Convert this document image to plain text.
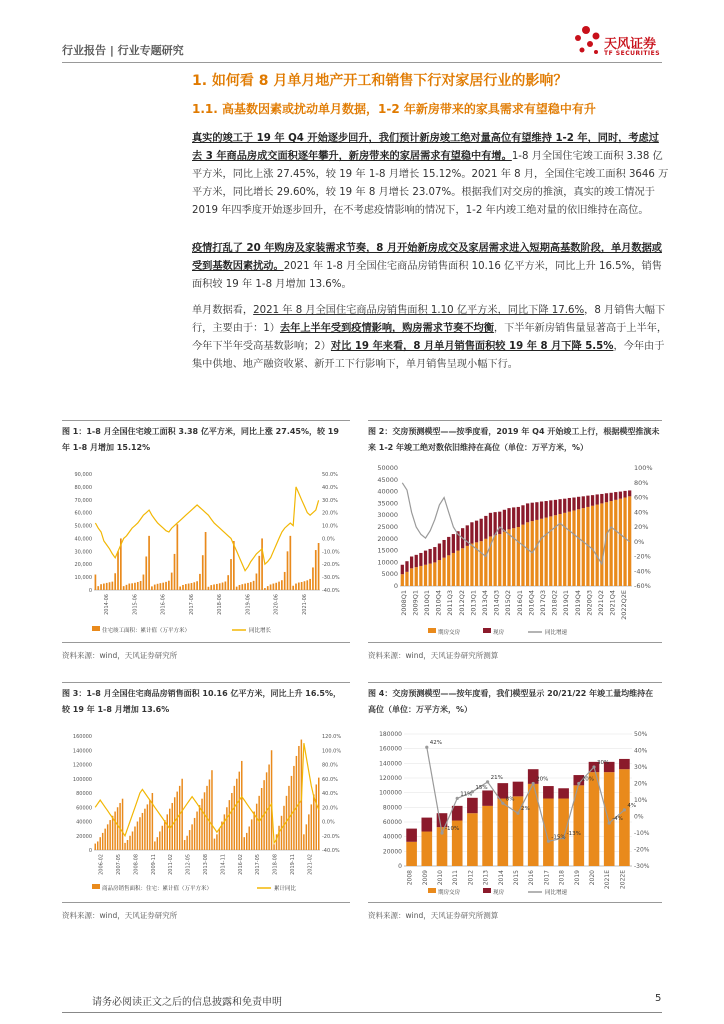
行业报告 | 行业专题研究	天风证券
TF SECURITIES
1. 如何看 8 月单月地产开工和销售下行对家居行业的影响？
1.1. 高基数因素或扰动单月数据，1-2 年新房带来的家具需求有望稳中有升
真实的竣工于 19 年 Q4 开始逐步回升，我们预计新房竣工绝对量高位有望维持 1-2 年，同时，考虑过去 3 年商品房成交面积逐年攀升，新房带来的家居需求有望稳中有增。1-8 月全国住宅竣工面积 3.38 亿平方米，同比上涨 27.45%，较 19 年 1-8 月增长 15.12%。2021 年 8 月，全国住宅竣工面积 3646 万平方米，同比增长 29.60%，较 19 年 8 月增长 23.07%。根据我们对交房的推演，真实的竣工情况于 2019 年四季度开始逐步回升，在不考虑疫情影响的情况下，1-2 年内竣工绝对量的依旧维持在高位。
疫情打乱了 20 年购房及家装需求节奏，8 月开始新房成交及家居需求进入短期高基数阶段，单月数据或受到基数因素扰动。2021 年 1-8 月全国住宅商品房销售面积 10.16 亿平方米，同比上升 16.5%，销售面积较 19 年 1-8 月增加 13.6%。
单月数据看，2021 年 8 月全国住宅商品房销售面积 1.10 亿平方米，同比下降 17.6%，8 月销售大幅下行，主要由于：1）去年上半年受到疫情影响，购房需求节奏不均衡，下半年新房销售量显著高于上半年，今年下半年受高基数影响；2）对比 19 年来看，8 月单月销售面积较 19 年 8 月下降 5.5%，今年由于集中供地、地产融资收紧、新开工下行影响下，单月销售呈现小幅下行。
图 1：1-8 月全国住宅竣工面积 3.38 亿平方米，同比上涨 27.45%，较 19 年 1-8 月增加 15.12%
0
10,000
20,000
30,000
40,000
50,000
60,000
70,000
80,000
90,000
-40.0%
-30.0%
-20.0%
-10.0%
0.0%
10.0%
20.0%
30.0%
40.0%
50.0%
2014-06	2015-06	2016-06	2017-06	2018-06	2019-06	2020-06	2021-06
住宅竣工面积：累计值（万平方米）	同比增长
资料来源：wind，天风证券研究所
图 2：交房预测模型——按季度看，2019 年 Q4 开始竣工上行，根据模型推演未来 1-2 年竣工绝对数依旧维持在高位（单位：万平方米，%）
0
5000
10000
15000
20000
25000
30000
35000
40000
45000
50000
-60%
-40%
-20%
0%
20%
40%
60%
80%
100%
2008Q1 2009Q1 2010Q1 2010Q4 2011Q3 2012Q2 2013Q1 2013Q4 2014Q3 2015Q2 2016Q1 2016Q4 2017Q3 2018Q2 2019Q1 2019Q4 2020Q3 2021Q2 2021Q4 2022Q2E
期房交房	现房	同比增速
资料来源：wind，天风证券研究所测算
图 3：1-8 月全国住宅商品房销售面积 10.16 亿平方米，同比上升 16.5%，较 19 年 1-8 月增加 13.6%
0
20000
40000
60000
80000
100000
120000
140000
160000
-40.0%
-20.0%
0.0%
20.0%
40.0%
60.0%
80.0%
100.0%
120.0%
2006-02 2007-05 2008-08 2009-11 2011-02 2012-05 2013-08 2014-11 2016-02 2017-05 2018-08 2019-11 2021-02
商品房销售面积：住宅：累计值（万平方米）	累计同比
资料来源：wind，天风证券研究所
图 4：交房预测模型——按年度看，我们模型显示 20/21/22 年竣工量均维持在高位（单位：万平方米，%）
0
20000
40000
60000
80000
100000
120000
140000
160000
180000
-30%
-20%
-10%
0%
10%
20%
30%
40%
50%
42%
-10%
11%
15%
21%
8%
2%
20%
-15%
-13%
20%
30%
-4%
4%
2008 2009 2010 2011 2012 2013 2014 2015 2016 2017 2018 2019 2020 2021E 2022E
期房交房	现房	同比增速
资料来源：wind，天风证券研究所测算
请务必阅读正文之后的信息披露和免责申明	5
